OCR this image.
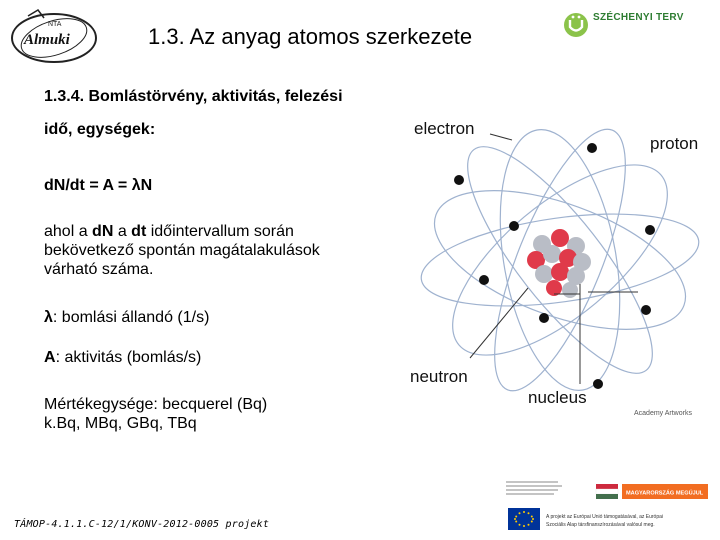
NTA
Almuki	1.3. Az anyag atomos szerkezete
SZÉCHENYI TERV
1.3.4. Bomlástörvény, aktivitás, felezési
idő, egységek:
dN/dt = A = λN
ahol a dN a dt időintervallum során bekövetkező spontán magátalakulások várható száma.
λ: bomlási állandó (1/s)
A: aktivitás (bomlás/s)
Mértékegysége: becquerel (Bq)
k.Bq, MBq, GBq, TBq
electron
proton
neutron
nucleus
Academy Artworks
TÁMOP-4.1.1.C-12/1/KONV-2012-0005 projekt
MAGYARORSZÁG MEGÚJUL
A projekt az Európai Unió támogatásával, az Európai
Szociális Alap társfinanszírozásával valósul meg.
